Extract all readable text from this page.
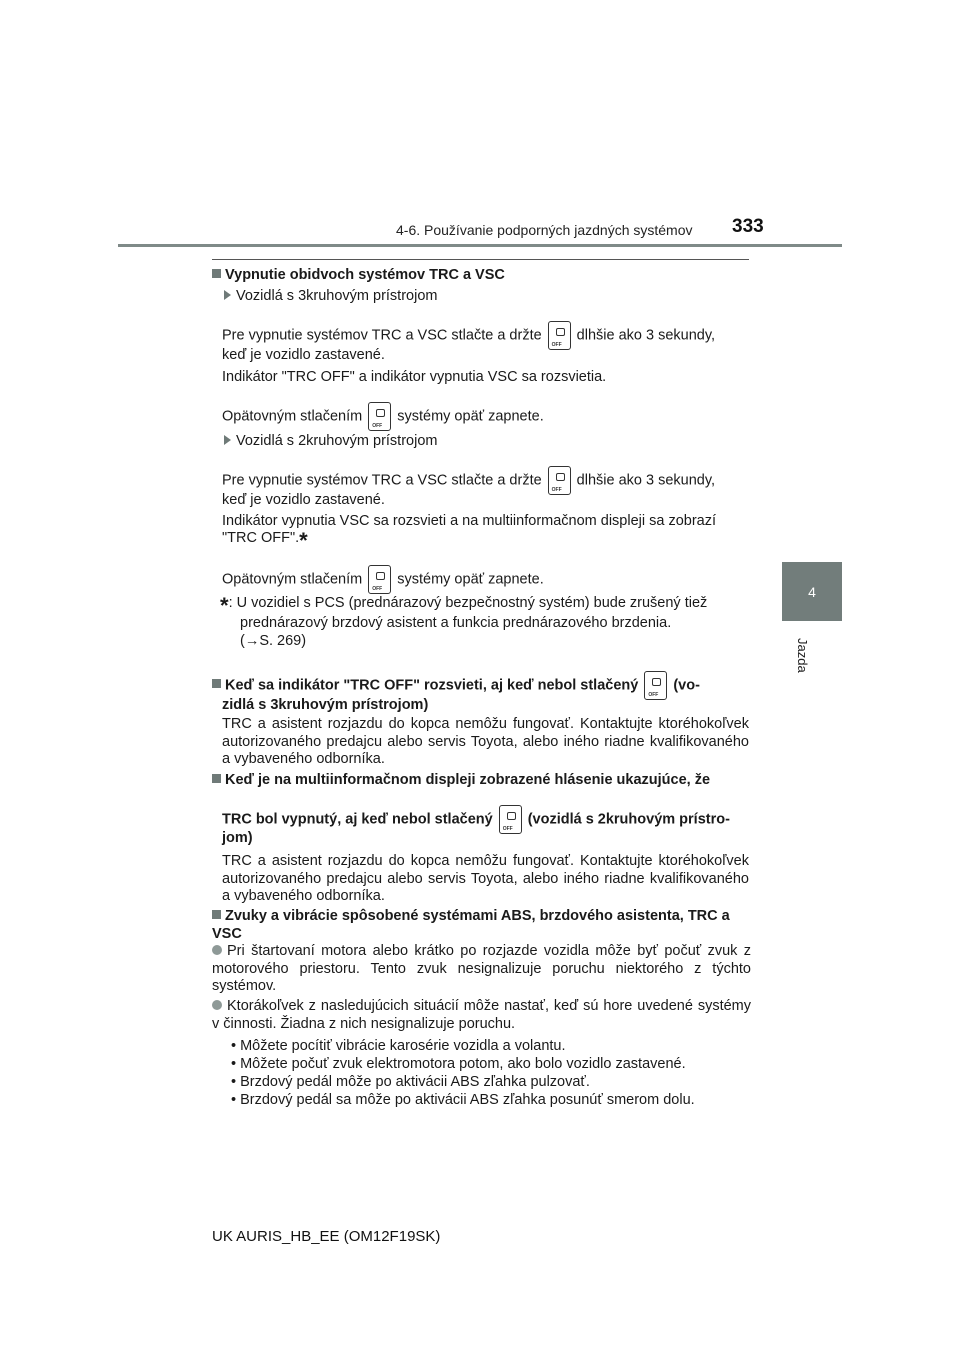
4-6. Používanie podporných jazdných systémov 333
4
Jazda
Vypnutie obidvoch systémov TRC a VSC
Vozidlá s 3kruhovým prístrojom
Pre vypnutie systémov TRC a VSC stlačte a držte OFF dlhšie ako 3 sekundy,
keď je vozidlo zastavené.
Indikátor "TRC OFF" a indikátor vypnutia VSC sa rozsvietia.
Opätovným stlačením OFF systémy opäť zapnete.
Vozidlá s 2kruhovým prístrojom
Pre vypnutie systémov TRC a VSC stlačte a držte OFF dlhšie ako 3 sekundy,
keď je vozidlo zastavené.
Indikátor vypnutia VSC sa rozsvieti a na multiinformačnom displeji sa zobrazí
"TRC OFF".*
Opätovným stlačením OFF systémy opäť zapnete.
*: U vozidiel s PCS (prednárazový bezpečnostný systém) bude zrušený tiež
prednárazový brzdový asistent a funkcia prednárazového brzdenia.
(→S. 269)
Keď sa indikátor "TRC OFF" rozsvieti, aj keď nebol stlačený OFF (vo-
zidlá s 3kruhovým prístrojom)
TRC a asistent rozjazdu do kopca nemôžu fungovať. Kontaktujte ktoréhokoľvek autorizovaného predajcu alebo servis Toyota, alebo iného riadne kvalifikovaného a vybaveného odborníka.
Keď je na multiinformačnom displeji zobrazené hlásenie ukazujúce, že
TRC bol vypnutý, aj keď nebol stlačený OFF (vozidlá s 2kruhovým prístro-
jom)
TRC a asistent rozjazdu do kopca nemôžu fungovať. Kontaktujte ktoréhokoľvek autorizovaného predajcu alebo servis Toyota, alebo iného riadne kvalifikovaného a vybaveného odborníka.
Zvuky a vibrácie spôsobené systémami ABS, brzdového asistenta, TRC a VSC
Pri štartovaní motora alebo krátko po rozjazde vozidla môže byť počuť zvuk z motorového priestoru. Tento zvuk nesignalizuje poruchu niektorého z týchto systémov.
Ktorákoľvek z nasledujúcich situácií môže nastať, keď sú hore uvedené systémy v činnosti. Žiadna z nich nesignalizuje poruchu.
• Môžete pocítiť vibrácie karosérie vozidla a volantu.
• Môžete počuť zvuk elektromotora potom, ako bolo vozidlo zastavené.
• Brzdový pedál môže po aktivácii ABS zľahka pulzovať.
• Brzdový pedál sa môže po aktivácii ABS zľahka posunúť smerom dolu.
UK AURIS_HB_EE (OM12F19SK)
